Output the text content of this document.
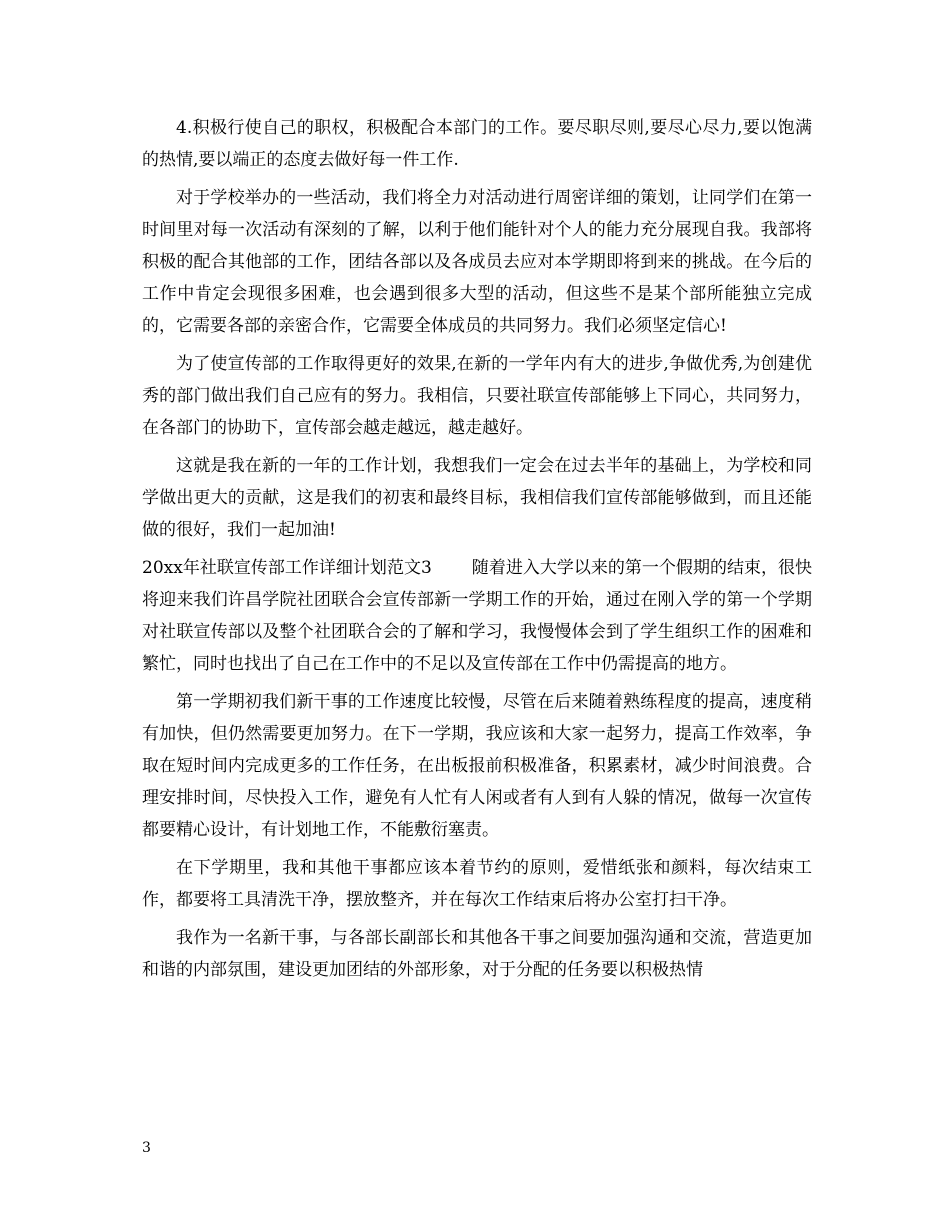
4.积极行使自己的职权，积极配合本部门的工作。要尽职尽则,要尽心尽力,要以饱满的热情,要以端正的态度去做好每一件工作.

对于学校举办的一些活动，我们将全力对活动进行周密详细的策划，让同学们在第一时间里对每一次活动有深刻的了解，以利于他们能针对个人的能力充分展现自我。我部将积极的配合其他部的工作，团结各部以及各成员去应对本学期即将到来的挑战。在今后的工作中肯定会现很多困难，也会遇到很多大型的活动，但这些不是某个部所能独立完成的，它需要各部的亲密合作，它需要全体成员的共同努力。我们必须坚定信心!

为了使宣传部的工作取得更好的效果,在新的一学年内有大的进步,争做优秀,为创建优秀的部门做出我们自己应有的努力。我相信，只要社联宣传部能够上下同心，共同努力，在各部门的协助下，宣传部会越走越远，越走越好。

这就是我在新的一年的工作计划，我想我们一定会在过去半年的基础上，为学校和同学做出更大的贡献，这是我们的初衷和最终目标，我相信我们宣传部能够做到，而且还能做的很好，我们一起加油!

20xx年社联宣传部工作详细计划范文3 随着进入大学以来的第一个假期的结束，很快将迎来我们许昌学院社团联合会宣传部新一学期工作的开始，通过在刚入学的第一个学期对社联宣传部以及整个社团联合会的了解和学习，我慢慢体会到了学生组织工作的困难和繁忙，同时也找出了自己在工作中的不足以及宣传部在工作中仍需提高的地方。

第一学期初我们新干事的工作速度比较慢，尽管在后来随着熟练程度的提高，速度稍有加快，但仍然需要更加努力。在下一学期，我应该和大家一起努力，提高工作效率，争取在短时间内完成更多的工作任务，在出板报前积极准备，积累素材，减少时间浪费。合理安排时间，尽快投入工作，避免有人忙有人闲或者有人到有人躲的情况，做每一次宣传都要精心设计，有计划地工作，不能敷衍塞责。

在下学期里，我和其他干事都应该本着节约的原则，爱惜纸张和颜料，每次结束工作，都要将工具清洗干净，摆放整齐，并在每次工作结束后将办公室打扫干净。

我作为一名新干事，与各部长副部长和其他各干事之间要加强沟通和交流，营造更加和谐的内部氛围，建设更加团结的外部形象，对于分配的任务要以积极热情

3
